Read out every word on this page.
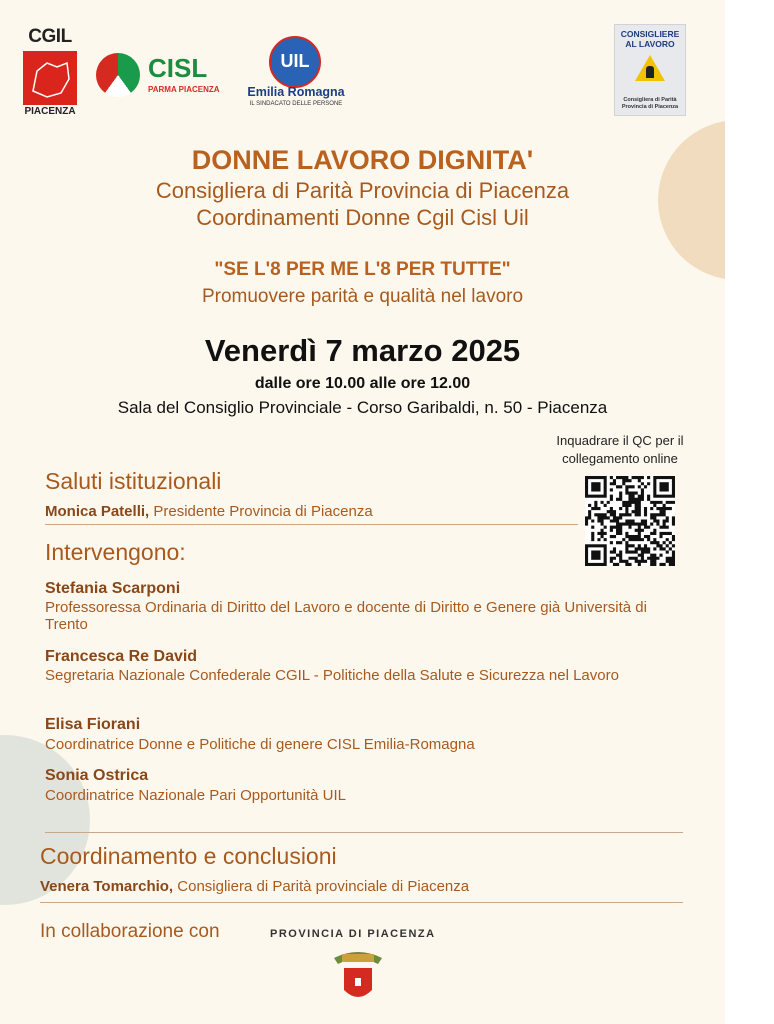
CGIL
PIACENZA
CISL
PARMA PIACENZA
UIL
Emilia Romagna
IL SINDACATO DELLE PERSONE
CONSIGLIERE
AL LAVORO
Consigliera di Parità
Provincia di Piacenza
DONNE LAVORO DIGNITA'
Consigliera di Parità Provincia di Piacenza
Coordinamenti Donne Cgil Cisl Uil
"SE L'8 PER ME L'8 PER TUTTE"
Promuovere parità e qualità nel lavoro
Venerdì 7 marzo 2025
dalle ore 10.00 alle ore 12.00
Sala del Consiglio Provinciale - Corso Garibaldi, n. 50 - Piacenza
Inquadrare il QC per il
collegamento online
Saluti istituzionali
Monica Patelli, Presidente Provincia di Piacenza
Intervengono:
Stefania Scarponi
Professoressa Ordinaria di Diritto del Lavoro e docente di Diritto e Genere già Università di Trento
Francesca Re David
Segretaria Nazionale Confederale CGIL - Politiche della Salute e Sicurezza nel Lavoro
Elisa Fiorani
Coordinatrice Donne e Politiche di genere CISL Emilia-Romagna
Sonia Ostrica
Coordinatrice Nazionale Pari Opportunità UIL
Coordinamento e conclusioni
Venera Tomarchio, Consigliera di Parità provinciale di Piacenza
In collaborazione con	PROVINCIA DI PIACENZA
